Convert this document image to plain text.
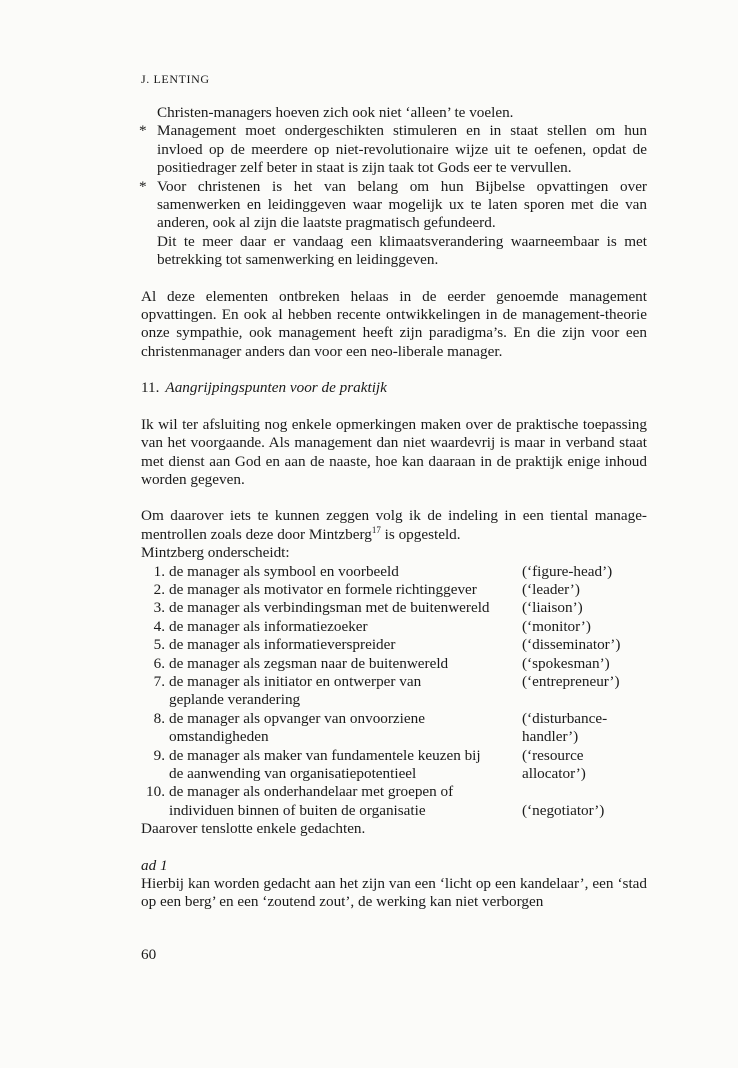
J. LENTING

Christen-managers hoeven zich ook niet ‘alleen’ te voelen.

* Management moet ondergeschikten stimuleren en in staat stellen om hun invloed op de meerdere op niet-revolutionaire wijze uit te oefenen, opdat de positiedrager zelf beter in staat is zijn taak tot Gods eer te vervullen.
* Voor christenen is het van belang om hun Bijbelse opvattingen over samenwerken en leidinggeven waar mogelijk ux te laten sporen met die van anderen, ook al zijn die laatste pragmatisch gefundeerd.

Dit te meer daar er vandaag een klimaatsverandering waarneembaar is met betrekking tot samenwerking en leidinggeven.

Al deze elementen ontbreken helaas in de eerder genoemde management opvattingen. En ook al hebben recente ontwikkelingen in de management-theorie onze sympathie, ook management heeft zijn paradigma’s. En die zijn voor een christenmanager anders dan voor een neo-liberale manager.

11. Aangrijpingspunten voor de praktijk

Ik wil ter afsluiting nog enkele opmerkingen maken over de praktische toepassing van het voorgaande. Als management dan niet waardevrij is maar in verband staat met dienst aan God en aan de naaste, hoe kan daaraan in de praktijk enige inhoud worden gegeven.

Om daarover iets te kunnen zeggen volg ik de indeling in een tiental manage-mentrollen zoals deze door Mintzberg$^{17}$ is opgesteld.

Mintzberg onderscheidt:

1. de manager als symbool en voorbeeld	(‘figure-head’)
2. de manager als motivator en formele richtinggever	(‘leader’)
3. de manager als verbindingsman met de buitenwereld	(‘liaison’)
4. de manager als informatiezoeker	(‘monitor’)
5. de manager als informatieverspreider	(‘disseminator’)
6. de manager als zegsman naar de buitenwereld	(‘spokesman’)
7. de manager als initiator en ontwerper van	(‘entrepreneur’)
geplande verandering
8. de manager als opvanger van onvoorziene	(‘disturbance-
omstandigheden	handler’)
9. de manager als maker van fundamentele keuzen bij	(‘resource
de aanwending van organisatiepotentieel	allocator’)
10. de manager als onderhandelaar met groepen of
individuen binnen of buiten de organisatie	(‘negotiator’)

Daarover tenslotte enkele gedachten.

ad 1

Hierbij kan worden gedacht aan het zijn van een ‘licht op een kandelaar’, een ‘stad op een berg’ en een ‘zoutend zout’, de werking kan niet verborgen

60
